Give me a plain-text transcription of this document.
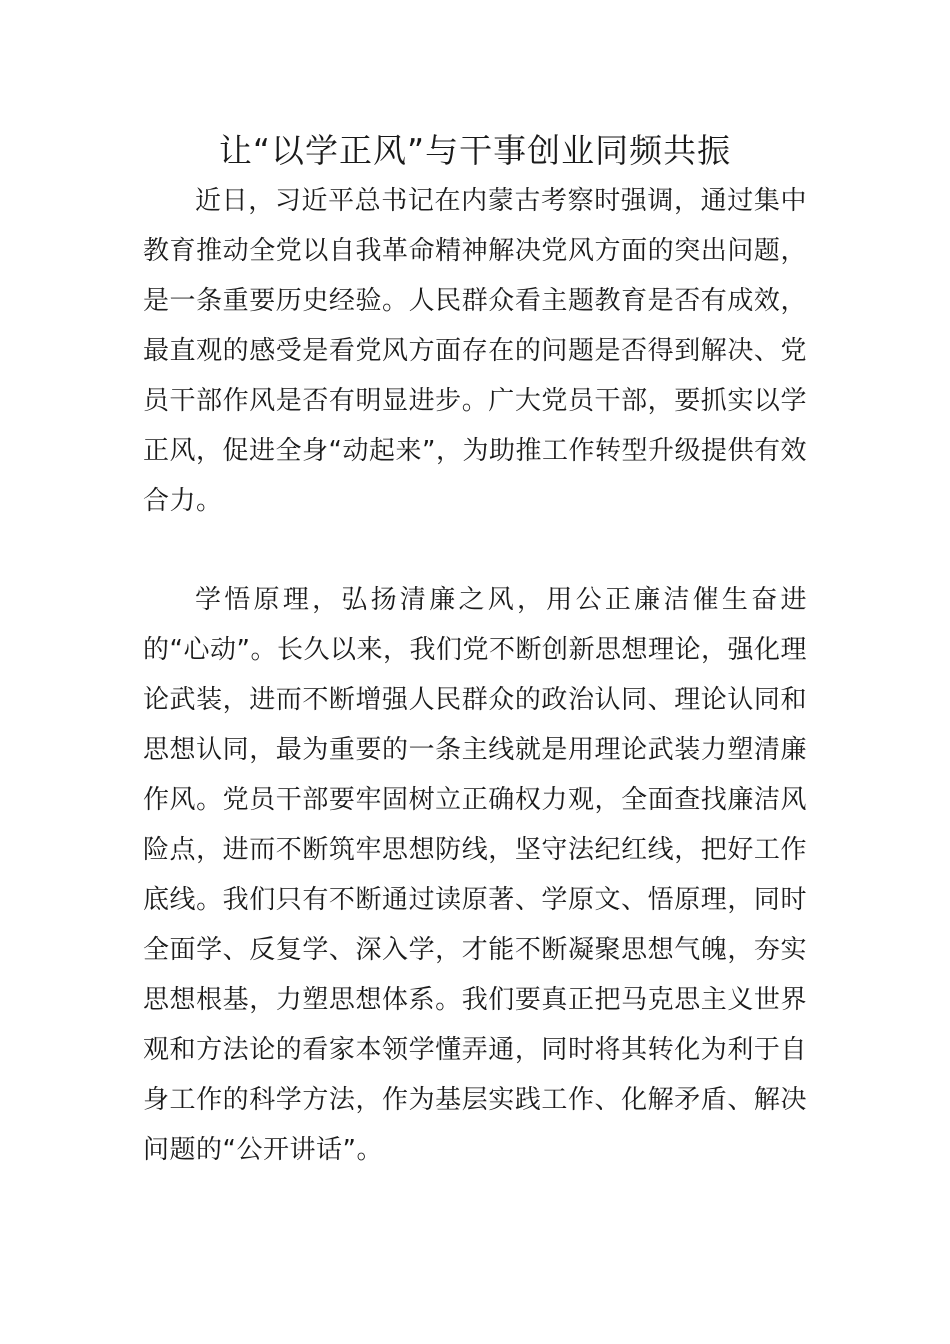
让“以学正风”与干事创业同频共振

近日，习近平总书记在内蒙古考察时强调，通过集中教育推动全党以自我革命精神解决党风方面的突出问题，是一条重要历史经验。人民群众看主题教育是否有成效，最直观的感受是看党风方面存在的问题是否得到解决、党员干部作风是否有明显进步。广大党员干部，要抓实以学正风，促进全身“动起来”，为助推工作转型升级提供有效合力。

学悟原理，弘扬清廉之风，用公正廉洁催生奋进的“心动”。长久以来，我们党不断创新思想理论，强化理论武装，进而不断增强人民群众的政治认同、理论认同和思想认同，最为重要的一条主线就是用理论武装力塑清廉作风。党员干部要牢固树立正确权力观，全面查找廉洁风险点，进而不断筑牢思想防线，坚守法纪红线，把好工作底线。我们只有不断通过读原著、学原文、悟原理，同时全面学、反复学、深入学，才能不断凝聚思想气魄，夯实思想根基，力塑思想体系。我们要真正把马克思主义世界观和方法论的看家本领学懂弄通，同时将其转化为利于自身工作的科学方法，作为基层实践工作、化解矛盾、解决问题的“公开讲话”。
